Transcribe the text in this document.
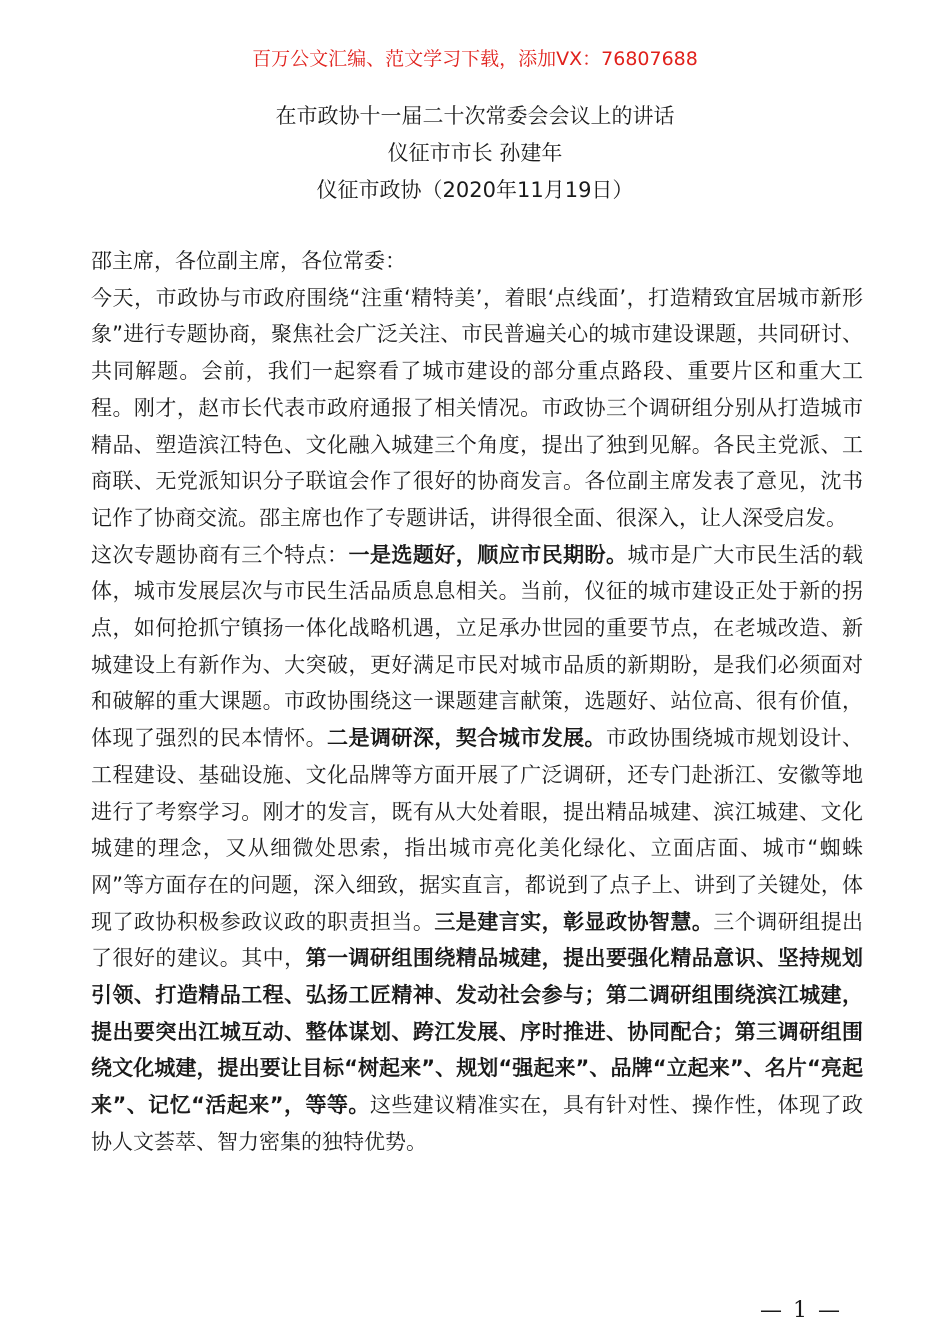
百万公文汇编、范文学习下载，添加VX：76807688
在市政协十一届二十次常委会会议上的讲话
仪征市市长 孙建年
仪征市政协（2020年11月19日）

邵主席，各位副主席，各位常委：

今天，市政协与市政府围绕“注重‘精特美’，着眼‘点线面’，打造精致宜居城市新形象”进行专题协商，聚焦社会广泛关注、市民普遍关心的城市建设课题，共同研讨、共同解题。会前，我们一起察看了城市建设的部分重点路段、重要片区和重大工程。刚才，赵市长代表市政府通报了相关情况。市政协三个调研组分别从打造城市精品、塑造滨江特色、文化融入城建三个角度，提出了独到见解。各民主党派、工商联、无党派知识分子联谊会作了很好的协商发言。各位副主席发表了意见，沈书记作了协商交流。邵主席也作了专题讲话，讲得很全面、很深入，让人深受启发。

这次专题协商有三个特点：一是选题好，顺应市民期盼。城市是广大市民生活的载体，城市发展层次与市民生活品质息息相关。当前，仪征的城市建设正处于新的拐点，如何抢抓宁镇扬一体化战略机遇，立足承办世园的重要节点，在老城改造、新城建设上有新作为、大突破，更好满足市民对城市品质的新期盼，是我们必须面对和破解的重大课题。市政协围绕这一课题建言献策，选题好、站位高、很有价值，体现了强烈的民本情怀。二是调研深，契合城市发展。市政协围绕城市规划设计、工程建设、基础设施、文化品牌等方面开展了广泛调研，还专门赴浙江、安徽等地进行了考察学习。刚才的发言，既有从大处着眼，提出精品城建、滨江城建、文化城建的理念，又从细微处思索，指出城市亮化美化绿化、立面店面、城市“蜘蛛网”等方面存在的问题，深入细致，据实直言，都说到了点子上、讲到了关键处，体现了政协积极参政议政的职责担当。三是建言实，彰显政协智慧。三个调研组提出了很好的建议。其中，第一调研组围绕精品城建，提出要强化精品意识、坚持规划引领、打造精品工程、弘扬工匠精神、发动社会参与；第二调研组围绕滨江城建，提出要突出江城互动、整体谋划、跨江发展、序时推进、协同配合；第三调研组围绕文化城建，提出要让目标“树起来”、规划“强起来”、品牌“立起来”、名片“亮起来”、记忆“活起来”，等等。这些建议精准实在，具有针对性、操作性，体现了政协人文荟萃、智力密集的独特优势。

— 1 —
